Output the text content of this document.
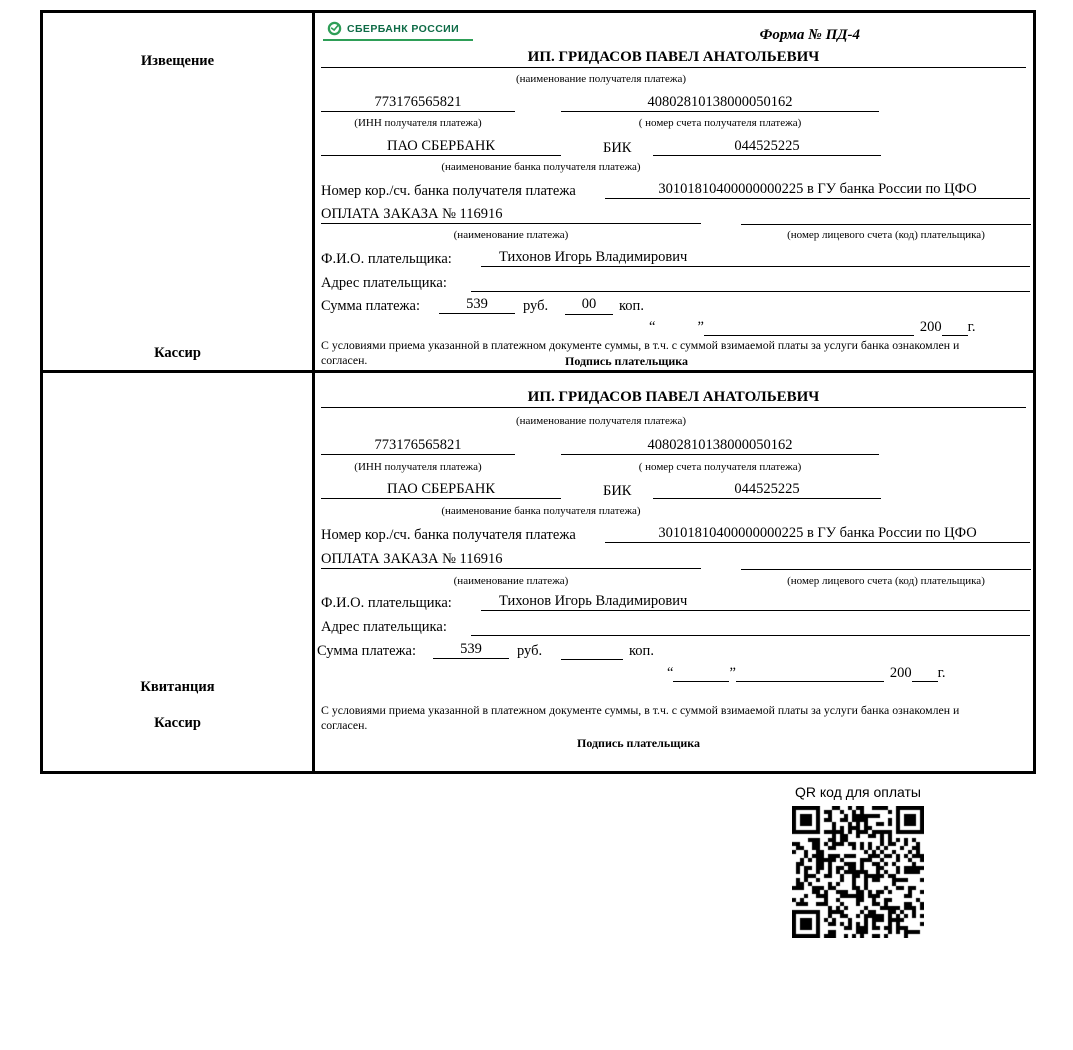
Извещение
Кассир
СБЕРБАНК РОССИИ	Форма № ПД-4
ИП. ГРИДАСОВ ПАВЕЛ АНАТОЛЬЕВИЧ
(наименование получателя платежа)
773176565821	40802810138000050162
(ИНН получателя платежа)	( номер счета получателя платежа)
ПАО СБЕРБАНК	БИК	044525225
(наименование банка получателя платежа)
Номер кор./сч. банка получателя платежа	30101810400000000225 в ГУ банка России по ЦФО
ОПЛАТА ЗАКАЗА № 116916
(наименование платежа)	(номер лицевого счета (код) плательщика)
Ф.И.О. плательщика:	Тихонов Игорь Владимирович
Адрес плательщика:
Сумма платежа:	539	руб.	00	коп.
“	”	200 г.
С условиями приема указанной в платежном документе суммы, в т.ч. с суммой взимаемой платы за услуги банка ознакомлен и согласен.	Подпись плательщика
Квитанция
Кассир
ИП. ГРИДАСОВ ПАВЕЛ АНАТОЛЬЕВИЧ
(наименование получателя платежа)
773176565821	40802810138000050162
(ИНН получателя платежа)	( номер счета получателя платежа)
ПАО СБЕРБАНК	БИК	044525225
(наименование банка получателя платежа)
Номер кор./сч. банка получателя платежа	30101810400000000225 в ГУ банка России по ЦФО
ОПЛАТА ЗАКАЗА № 116916
(наименование платежа)	(номер лицевого счета (код) плательщика)
Ф.И.О. плательщика:	Тихонов Игорь Владимирович
Адрес плательщика:
Сумма платежа:	539	руб.	коп.
“	”	200 г.
С условиями приема указанной в платежном документе суммы, в т.ч. с суммой взимаемой платы за услуги банка ознакомлен и согласен.
Подпись плательщика
QR код для оплаты
